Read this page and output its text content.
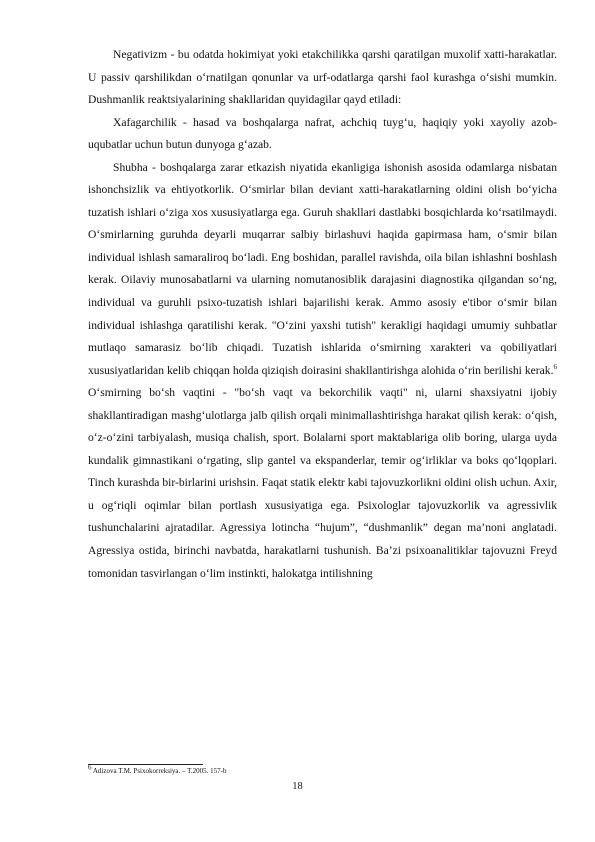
Negativizm - bu odatda hokimiyat yoki etakchilikka qarshi qaratilgan muxolif xatti-harakatlar. U passiv qarshilikdan o‘rnatilgan qonunlar va urf-odatlarga qarshi faol kurashga o‘sishi mumkin. Dushmanlik reaktsiyalarining shakllaridan quyidagilar qayd etiladi:

Xafagarchilik - hasad va boshqalarga nafrat, achchiq tuyg‘u, haqiqiy yoki xayoliy azob-uqubatlar uchun butun dunyoga g‘azab.

Shubha - boshqalarga zarar etkazish niyatida ekanligiga ishonish asosida odamlarga nisbatan ishonchsizlik va ehtiyotkorlik. O‘smirlar bilan deviant xatti-harakatlarning oldini olish bo‘yicha tuzatish ishlari o‘ziga xos xususiyatlarga ega. Guruh shakllari dastlabki bosqichlarda ko‘rsatilmaydi. O‘smirlarning guruhda deyarli muqarrar salbiy birlashuvi haqida gapirmasa ham, o‘smir bilan individual ishlash samaraliroq bo‘ladi. Eng boshidan, parallel ravishda, oila bilan ishlashni boshlash kerak. Oilaviy munosabatlarni va ularning nomutanosiblik darajasini diagnostika qilgandan so‘ng, individual va guruhli psixo-tuzatish ishlari bajarilishi kerak. Ammo asosiy e'tibor o‘smir bilan individual ishlashga qaratilishi kerak. "O‘zini yaxshi tutish" kerakligi haqidagi umumiy suhbatlar mutlaqo samarasiz bo‘lib chiqadi. Tuzatish ishlarida o‘smirning xarakteri va qobiliyatlari xususiyatlaridan kelib chiqqan holda qiziqish doirasini shakllantirishga alohida o‘rin berilishi kerak.$^6$ O‘smirning bo‘sh vaqtini - "bo‘sh vaqt va bekorchilik vaqti" ni, ularni shaxsiyatni ijobiy shakllantiradigan mashg‘ulotlarga jalb qilish orqali minimallashtirishga harakat qilish kerak: o‘qish, o‘z-o‘zini tarbiyalash, musiqa chalish, sport. Bolalarni sport maktablariga olib boring, ularga uyda kundalik gimnastikani o‘rgating, slip gantel va ekspanderlar, temir og‘irliklar va boks qo‘lqoplari. Tinch kurashda bir-birlarini urishsin. Faqat statik elektr kabi tajovuzkorlikni oldini olish uchun. Axir, u og‘riqli oqimlar bilan portlash xususiyatiga ega. Psixologlar tajovuzkorlik va agressivlik tushunchalarini ajratadilar. Agressiya lotincha “hujum”, “dushmanlik” degan ma’noni anglatadi. Agressiya ostida, birinchi navbatda, harakatlarni tushunish. Ba’zi psixoanalitiklar tajovuzni Freyd tomonidan tasvirlangan o‘lim instinkti, halokatga intilishning

$^6$ Adizova T.M. Psixokorreksiya. – T.2005. 157-b

18
